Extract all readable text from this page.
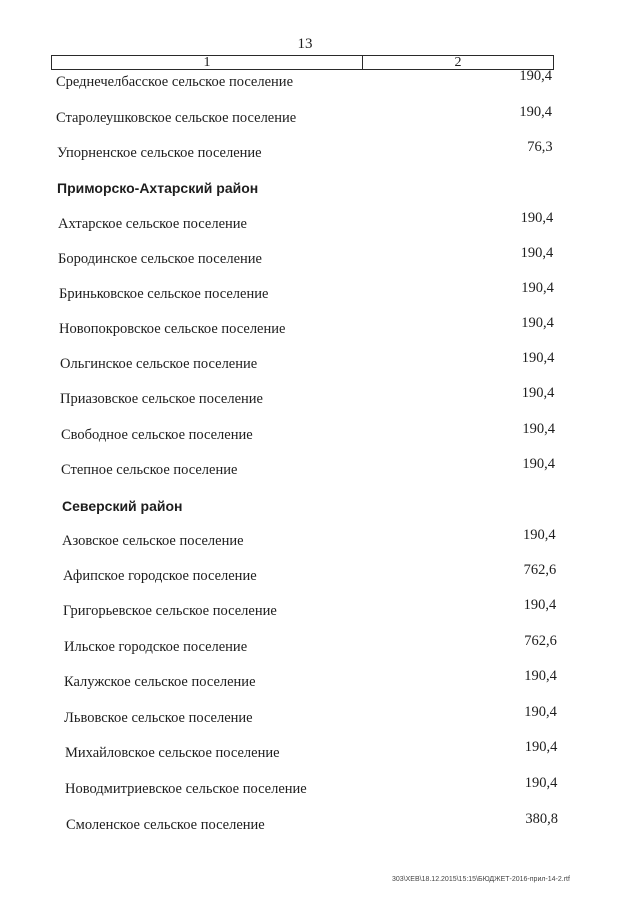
13
1	2
Среднечелбасское сельское поселение	190,4
Старолеушковское сельское поселение	190,4
Упорненское сельское поселение	76,3
Приморско-Ахтарский район
Ахтарское сельское поселение	190,4
Бородинское сельское поселение	190,4
Бриньковское сельское поселение	190,4
Новопокровское сельское поселение	190,4
Ольгинское сельское поселение	190,4
Приазовское сельское поселение	190,4
Свободное сельское поселение	190,4
Степное сельское поселение	190,4
Северский район
Азовское сельское поселение	190,4
Афипское городское поселение	762,6
Григорьевское сельское поселение	190,4
Ильское городское поселение	762,6
Калужское сельское поселение	190,4
Львовское сельское поселение	190,4
Михайловское сельское поселение	190,4
Новодмитриевское сельское поселение	190,4
Смоленское сельское поселение	380,8
303\ХЕВ\18.12.2015\15:15\БЮДЖЕТ-2016-прил-14-2.rtf
